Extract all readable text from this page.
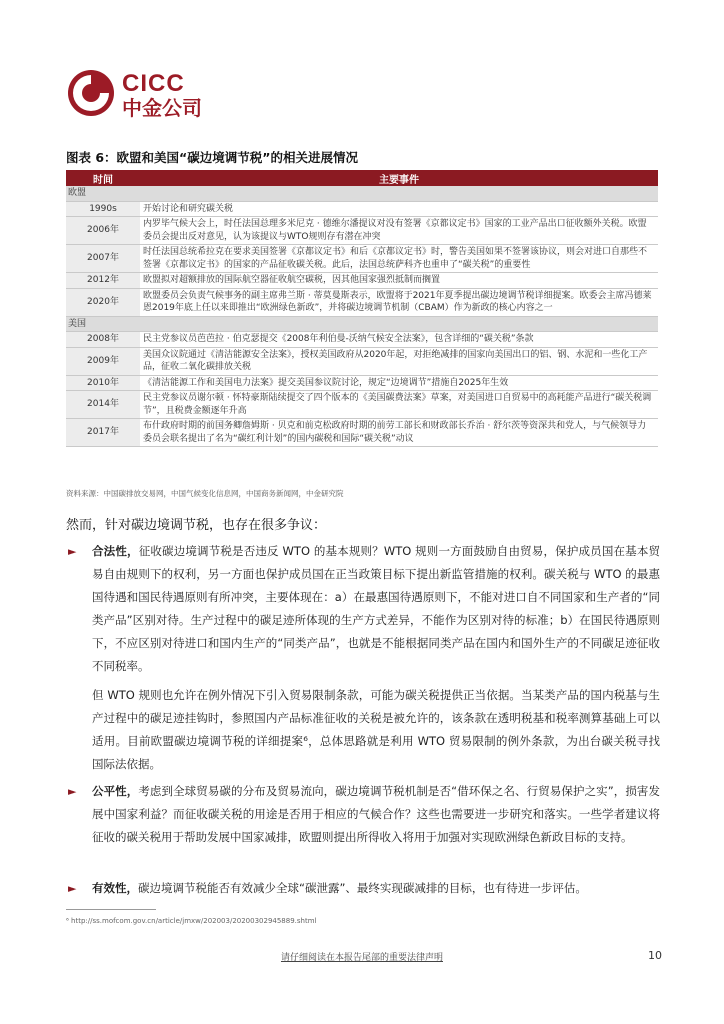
CICC
中金公司
图表 6：欧盟和美国“碳边境调节税”的相关进展情况
时间	主要事件
欧盟	
1990s	开始讨论和研究碳关税
2006年	内罗毕气候大会上，时任法国总理多米尼克 · 德维尔潘提议对没有签署《京都议定书》国家的工业产品出口征收额外关税。欧盟委员会提出反对意见，认为该提议与WTO规则存有潜在冲突
2007年	时任法国总统希拉克在要求美国签署《京都议定书》和后《京都议定书》时，警告美国如果不签署该协议，则会对进口自那些不签署《京都议定书》的国家的产品征收碳关税。此后，法国总统萨科齐也重申了“碳关税”的重要性
2012年	欧盟拟对超额排放的国际航空器征收航空碳税，因其他国家强烈抵制而搁置
2020年	欧盟委员会负责气候事务的副主席弗兰斯 · 蒂莫曼斯表示，欧盟将于2021年夏季提出碳边境调节税详细提案。欧委会主席冯德莱恩2019年底上任以来即推出“欧洲绿色新政”，并将碳边境调节机制（CBAM）作为新政的核心内容之一
美国	
2008年	民主党参议员芭芭拉 · 伯克瑟提交《2008年利伯曼-沃纳气候安全法案》，包含详细的“碳关税”条款
2009年	美国众议院通过《清洁能源安全法案》，授权美国政府从2020年起，对拒绝减排的国家向美国出口的铝、钢、水泥和一些化工产品，征收二氧化碳排放关税
2010年	《清洁能源工作和美国电力法案》提交美国参议院讨论，规定“边境调节”措施自2025年生效
2014年	民主党参议员谢尔顿 · 怀特豪斯陆续提交了四个版本的《美国碳费法案》草案，对美国进口自贸易中的高耗能产品进行“碳关税调节”，且税费金额逐年升高
2017年	布什政府时期的前国务卿詹姆斯 · 贝克和前克松政府时期的前劳工部长和财政部长乔治 · 舒尔茨等资深共和党人，与气候领导力委员会联名提出了名为“碳红利计划”的国内碳税和国际“碳关税”动议
资料来源：中国碳排放交易网，中国气候变化信息网，中国商务新闻网，中金研究院
然而，针对碳边境调节税，也存在很多争议：
► 合法性，征收碳边境调节税是否违反 WTO 的基本规则？WTO 规则一方面鼓励自由贸易，保护成员国在基本贸易自由规则下的权利，另一方面也保护成员国在正当政策目标下提出新监管措施的权利。碳关税与 WTO 的最惠国待遇和国民待遇原则有所冲突，主要体现在：a）在最惠国待遇原则下，不能对进口自不同国家和生产者的“同类产品”区别对待。生产过程中的碳足迹所体现的生产方式差异，不能作为区别对待的标准；b）在国民待遇原则下，不应区别对待进口和国内生产的“同类产品”，也就是不能根据同类产品在国内和国外生产的不同碳足迹征收不同税率。
但 WTO 规则也允许在例外情况下引入贸易限制条款，可能为碳关税提供正当依据。当某类产品的国内税基与生产过程中的碳足迹挂钩时，参照国内产品标准征收的关税是被允许的，该条款在透明税基和税率测算基础上可以适用。目前欧盟碳边境调节税的详细提案⁶，总体思路就是利用 WTO 贸易限制的例外条款，为出台碳关税寻找国际法依据。
► 公平性，考虑到全球贸易碳的分布及贸易流向，碳边境调节税机制是否“借环保之名、行贸易保护之实”，损害发展中国家利益？而征收碳关税的用途是否用于相应的气候合作？这些也需要进一步研究和落实。一些学者建议将征收的碳关税用于帮助发展中国家减排，欧盟则提出所得收入将用于加强对实现欧洲绿色新政目标的支持。
► 有效性，碳边境调节税能否有效减少全球“碳泄露”、最终实现碳减排的目标，也有待进一步评估。
⁶ http://ss.mofcom.gov.cn/article/jmxw/202003/20200302945889.shtml
请仔细阅读在本报告尾部的重要法律声明	10
